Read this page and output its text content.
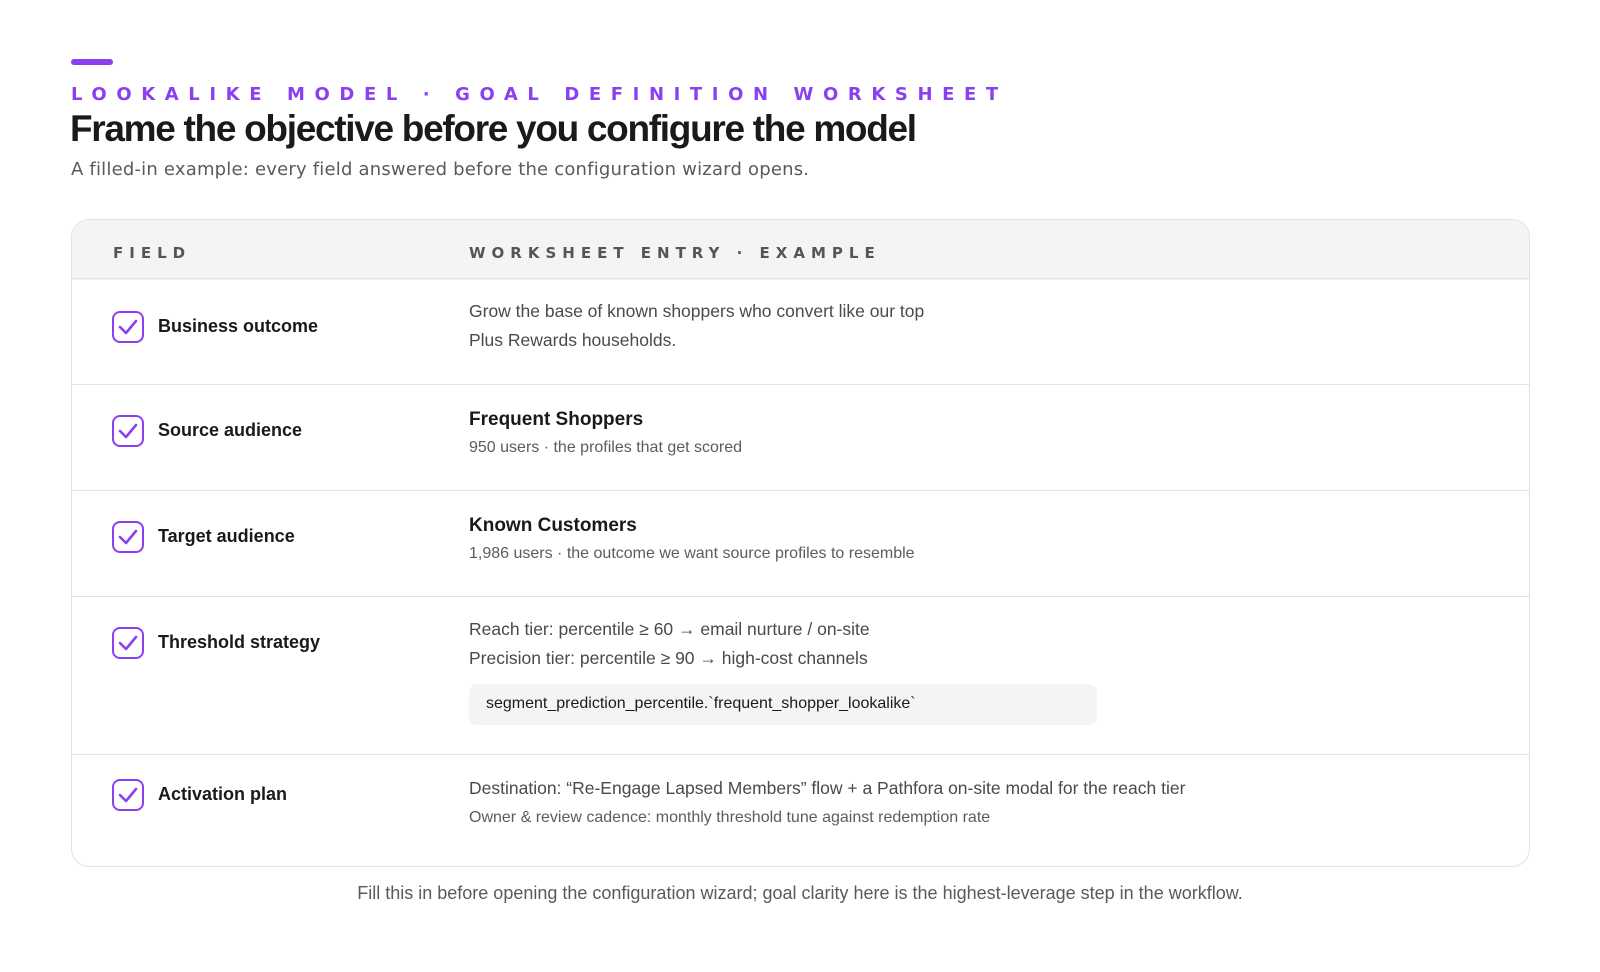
LOOKALIKE MODEL · GOAL DEFINITION WORKSHEET
Frame the objective before you configure the model
A filled-in example: every field answered before the configuration wizard opens.
FIELD	WORKSHEET ENTRY · EXAMPLE
Business outcome
Grow the base of known shoppers who convert like our top
Plus Rewards households.
Source audience	Frequent Shoppers
950 users · the profiles that get scored
Target audience	Known Customers
1,986 users · the outcome we want source profiles to resemble
Threshold strategy
Reach tier: percentile ≥ 60 → email nurture / on-site
Precision tier: percentile ≥ 90 → high-cost channels
segment_prediction_percentile.`frequent_shopper_lookalike`
Activation plan	Destination: “Re-Engage Lapsed Members” flow + a Pathfora on-site modal for the reach tier
Owner & review cadence: monthly threshold tune against redemption rate
Fill this in before opening the configuration wizard; goal clarity here is the highest-leverage step in the workflow.
